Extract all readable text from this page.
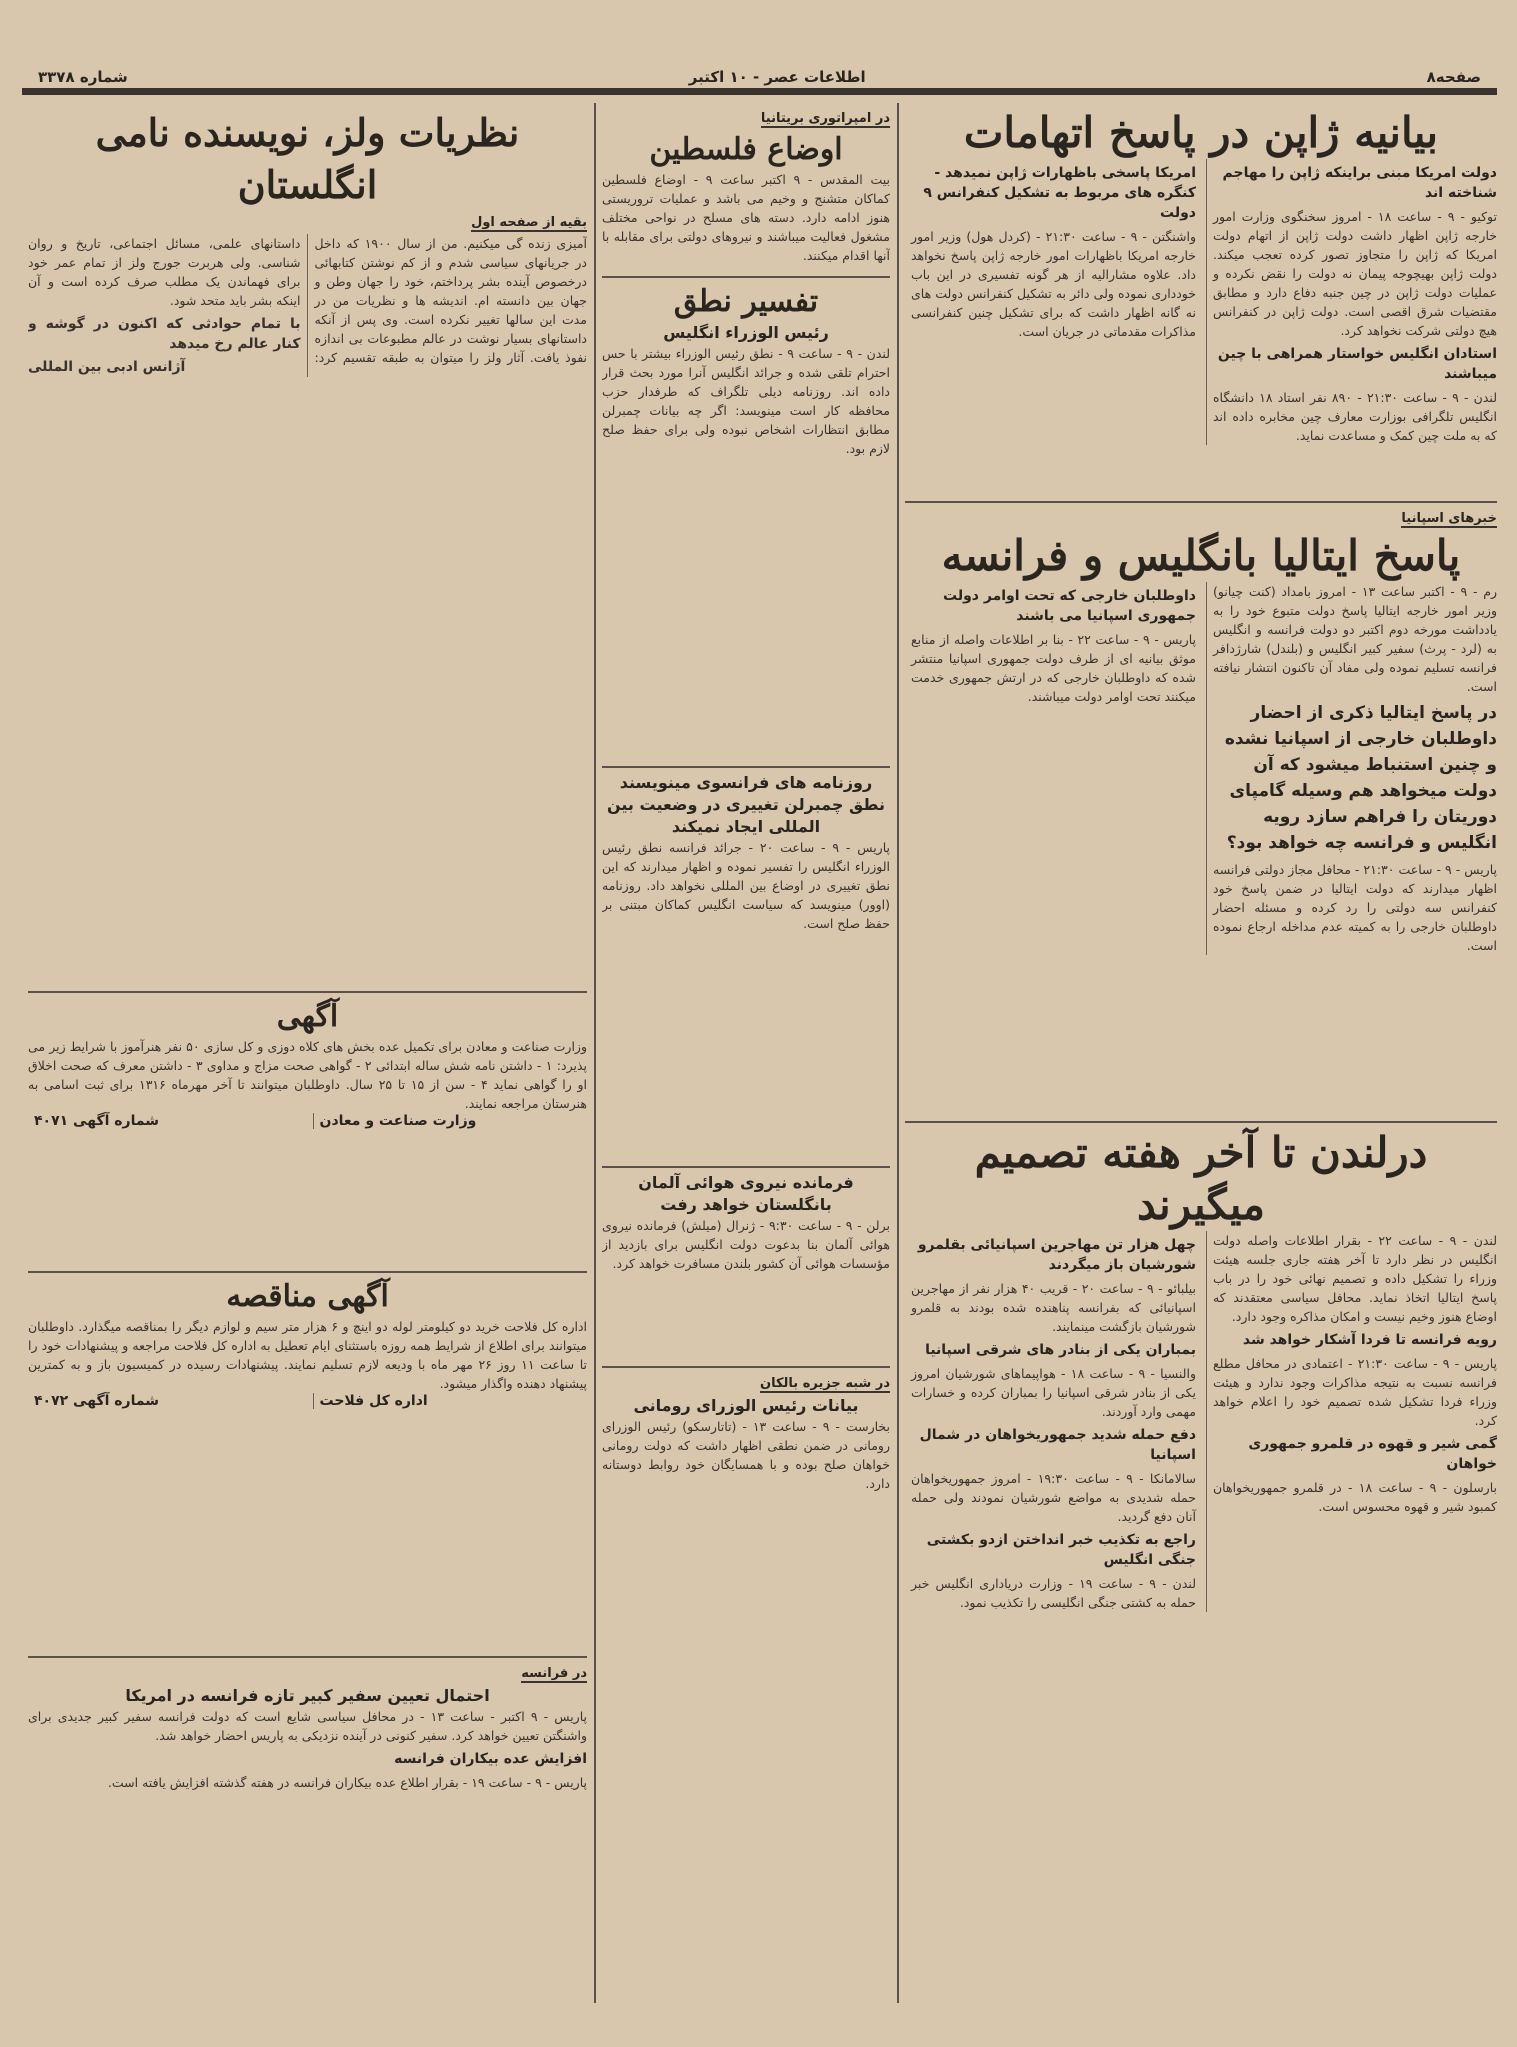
صفحه۸
اطلاعات عصر - ۱۰ اکتبر
شماره ۳۳۷۸
بیانیه ژاپن در پاسخ اتهامات
دولت امریکا مبنی براینکه ژاپن را مهاجم شناخته اند
توکیو - ۹ - ساعت ۱۸ - امروز سخنگوی وزارت امور خارجه ژاپن اظهار داشت دولت ژاپن از اتهام دولت امریکا که ژاپن را متجاوز تصور کرده تعجب میکند. دولت ژاپن بهیچوجه پیمان نه دولت را نقض نکرده و عملیات دولت ژاپن در چین جنبه دفاع دارد و مطابق مقتضیات شرق اقصی است. دولت ژاپن در کنفرانس هیچ دولتی شرکت نخواهد کرد.
استادان انگلیس خواستار همراهی با چین میباشند
لندن - ۹ - ساعت ۲۱:۳۰ - ۸۹۰ نفر استاد ۱۸ دانشگاه انگلیس تلگرافی بوزارت معارف چین مخابره داده اند که به ملت چین کمک و مساعدت نماید.
امریکا پاسخی باظهارات ژاپن نمیدهد - کنگره های مربوط به تشکیل کنفرانس ۹ دولت
واشنگتن - ۹ - ساعت ۲۱:۳۰ - (کردل هول) وزیر امور خارجه امریکا باظهارات امور خارجه ژاپن پاسخ نخواهد داد. علاوه مشارالیه از هر گونه تفسیری در این باب خودداری نموده ولی دائر به تشکیل کنفرانس دولت های نه گانه اظهار داشت که برای تشکیل چنین کنفرانسی مذاکرات مقدماتی در جریان است.
خبرهای اسپانیا
پاسخ ایتالیا بانگلیس و فرانسه
رم - ۹ - اکتبر ساعت ۱۳ - امروز بامداد (کنت چیانو) وزیر امور خارجه ایتالیا پاسخ دولت متبوع خود را به یادداشت مورخه دوم اکتبر دو دولت فرانسه و انگلیس به (لرد - پرث) سفیر کبیر انگلیس و (بلندل) شارژدافر فرانسه تسلیم نموده ولی مفاد آن تاکنون انتشار نیافته است.
در پاسخ ایتالیا ذکری از احضار داوطلبان خارجی از اسپانیا نشده و چنین استنباط میشود که آن دولت میخواهد هم وسیله گامپای دوریتان را فراهم سازد رویه انگلیس و فرانسه چه خواهد بود؟
پاریس - ۹ - ساعت ۲۱:۳۰ - محافل مجاز دولتی فرانسه اظهار میدارند که دولت ایتالیا در ضمن پاسخ خود کنفرانس سه دولتی را رد کرده و مسئله احضار داوطلبان خارجی را به کمیته عدم مداخله ارجاع نموده است.
داوطلبان خارجی که تحت اوامر دولت جمهوری اسپانیا می باشند
پاریس - ۹ - ساعت ۲۲ - بنا بر اطلاعات واصله از منابع موثق بیانیه ای از طرف دولت جمهوری اسپانیا منتشر شده که داوطلبان خارجی که در ارتش جمهوری خدمت میکنند تحت اوامر دولت میباشند.
درلندن تا آخر هفته تصمیم میگیرند
لندن - ۹ - ساعت ۲۲ - بقرار اطلاعات واصله دولت انگلیس در نظر دارد تا آخر هفته جاری جلسه هیئت وزراء را تشکیل داده و تصمیم نهائی خود را در باب پاسخ ایتالیا اتخاذ نماید. محافل سیاسی معتقدند که اوضاع هنوز وخیم نیست و امکان مذاکره وجود دارد.
رویه فرانسه تا فردا آشکار خواهد شد
پاریس - ۹ - ساعت ۲۱:۳۰ - اعتمادی در محافل مطلع فرانسه نسبت به نتیجه مذاکرات وجود ندارد و هیئت وزراء فردا تشکیل شده تصمیم خود را اعلام خواهد کرد.
گمی شیر و قهوه در قلمرو جمهوری خواهان
بارسلون - ۹ - ساعت ۱۸ - در قلمرو جمهوریخواهان کمبود شیر و قهوه محسوس است.
چهل هزار تن مهاجرین اسپانیائی بقلمرو شورشیان باز میگردند
بیلبائو - ۹ - ساعت ۲۰ - قریب ۴۰ هزار نفر از مهاجرین اسپانیائی که بفرانسه پناهنده شده بودند به قلمرو شورشیان بازگشت مینمایند.
بمباران یکی از بنادر های شرقی اسپانیا
والنسیا - ۹ - ساعت ۱۸ - هواپیماهای شورشیان امروز یکی از بنادر شرقی اسپانیا را بمباران کرده و خسارات مهمی وارد آوردند.
دفع حمله شدید جمهوریخواهان در شمال اسپانیا
سالامانکا - ۹ - ساعت ۱۹:۳۰ - امروز جمهوریخواهان حمله شدیدی به مواضع شورشیان نمودند ولی حمله آنان دفع گردید.
راجع به تکذیب خبر انداختن ازدو بکشتی جنگی انگلیس
لندن - ۹ - ساعت ۱۹ - وزارت دریاداری انگلیس خبر حمله به کشتی جنگی انگلیسی را تکذیب نمود.
در امپراتوری بریتانیا
اوضاع فلسطین
بیت المقدس - ۹ اکتبر ساعت ۹ - اوضاع فلسطین کماکان متشنج و وخیم می باشد و عملیات تروریستی هنوز ادامه دارد. دسته های مسلح در نواحی مختلف مشغول فعالیت میباشند و نیروهای دولتی برای مقابله با آنها اقدام میکنند.
تفسیر نطق
رئیس الوزراء انگلیس
لندن - ۹ - ساعت ۹ - نطق رئیس الوزراء بیشتر با حس احترام تلقی شده و جرائد انگلیس آنرا مورد بحث قرار داده اند. روزنامه دیلی تلگراف که طرفدار حزب محافظه کار است مینویسد: اگر چه بیانات چمبرلن مطابق انتظارات اشخاص نبوده ولی برای حفظ صلح لازم بود.
روزنامه های فرانسوی مینویسند نطق چمبرلن تغییری در وضعیت بین المللی ایجاد نمیکند
پاریس - ۹ - ساعت ۲۰ - جرائد فرانسه نطق رئیس الوزراء انگلیس را تفسیر نموده و اظهار میدارند که این نطق تغییری در اوضاع بین المللی نخواهد داد. روزنامه (اوور) مینویسد که سیاست انگلیس کماکان مبتنی بر حفظ صلح است.
فرمانده نیروی هوائی آلمان بانگلستان خواهد رفت
برلن - ۹ - ساعت ۹:۳۰ - ژنرال (میلش) فرمانده نیروی هوائی آلمان بنا بدعوت دولت انگلیس برای بازدید از مؤسسات هوائی آن کشور بلندن مسافرت خواهد کرد.
در شبه جزیره بالکان
بیانات رئیس الوزرای رومانی
بخارست - ۹ - ساعت ۱۳ - (تاتارسکو) رئیس الوزرای رومانی در ضمن نطقی اظهار داشت که دولت رومانی خواهان صلح بوده و با همسایگان خود روابط دوستانه دارد.
نظریات ولز، نویسنده نامی انگلستان
بقیه از صفحه اول
آمیزی زنده گی میکنیم. من از سال ۱۹۰۰ که داخل در جریانهای سیاسی شدم و از کم نوشتن کتابهائی درخصوص آینده بشر پرداختم، خود را جهان وطن و جهان بین دانسته ام. اندیشه ها و نظریات من در مدت این سالها تغییر نکرده است. وی پس از آنکه داستانهای بسیار نوشت در عالم مطبوعات بی اندازه نفوذ یافت. آثار ولز را میتوان به طبقه تقسیم کرد: داستانهای علمی، مسائل اجتماعی، تاریخ و روان شناسی. ولی هربرت جورج ولز از تمام عمر خود برای فهماندن یک مطلب صرف کرده است و آن اینکه بشر باید متحد شود.
با تمام حوادثی که اکنون در گوشه و کنار عالم رخ میدهد
آژانس ادبی بین المللی
آگهی
وزارت صناعت و معادن برای تکمیل عده بخش های کلاه دوزی و کل سازی ۵۰ نفر هنرآموز با شرایط زیر می پذیرد: ۱ - داشتن نامه شش ساله ابتدائی ۲ - گواهی صحت مزاج و مداوی ۳ - داشتن معرف که صحت اخلاق او را گواهی نماید ۴ - سن از ۱۵ تا ۲۵ سال. داوطلبان میتوانند تا آخر مهرماه ۱۳۱۶ برای ثبت اسامی به هنرستان مراجعه نمایند.
وزارت صناعت و معادن
شماره آگهی ۴۰۷۱
آگهی مناقصه
اداره کل فلاحت خرید دو کیلومتر لوله دو اینچ و ۶ هزار متر سیم و لوازم دیگر را بمناقصه میگذارد. داوطلبان میتوانند برای اطلاع از شرایط همه روزه باستثنای ایام تعطیل به اداره کل فلاحت مراجعه و پیشنهادات خود را تا ساعت ۱۱ روز ۲۶ مهر ماه با ودیعه لازم تسلیم نمایند. پیشنهادات رسیده در کمیسیون باز و به کمترین پیشنهاد دهنده واگذار میشود.
اداره کل فلاحت
شماره آگهی ۴۰۷۲
در فرانسه
احتمال تعیین سفیر کبیر تازه فرانسه در امریکا
پاریس - ۹ اکتبر - ساعت ۱۳ - در محافل سیاسی شایع است که دولت فرانسه سفیر کبیر جدیدی برای واشنگتن تعیین خواهد کرد. سفیر کنونی در آینده نزدیکی به پاریس احضار خواهد شد.
افزایش عده بیکاران فرانسه
پاریس - ۹ - ساعت ۱۹ - بقرار اطلاع عده بیکاران فرانسه در هفته گذشته افزایش یافته است.
